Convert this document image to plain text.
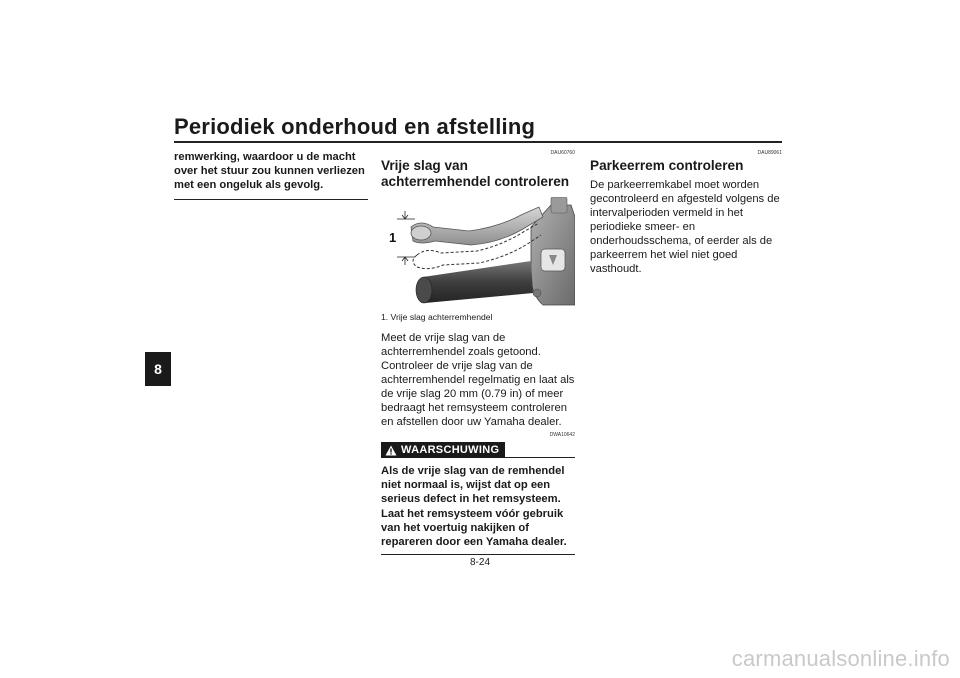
Periodiek onderhoud en afstelling
8

remwerking, waardoor u de macht over het stuur zou kunnen verliezen met een ongeluk als gevolg.

DAU60760
Vrije slag van achterremhendel controleren
1
1. Vrije slag achterremhendel

Meet de vrije slag van de achterremhendel zoals getoond. Controleer de vrije slag van de achterremhendel regelmatig en laat als de vrije slag 20 mm (0.79 in) of meer bedraagt het remsysteem controleren en afstellen door uw Yamaha dealer.

DWA10642
WAARSCHUWING

Als de vrije slag van de remhendel niet normaal is, wijst dat op een serieus defect in het remsysteem. Laat het remsysteem vóór gebruik van het voertuig nakijken of repareren door een Yamaha dealer.

DAU89061
Parkeerrem controleren

De parkeerremkabel moet worden gecontroleerd en afgesteld volgens de intervalperioden vermeld in het periodieke smeer- en onderhoudsschema, of eerder als de parkeerrem het wiel niet goed vasthoudt.

8-24
carmanualsonline.info
